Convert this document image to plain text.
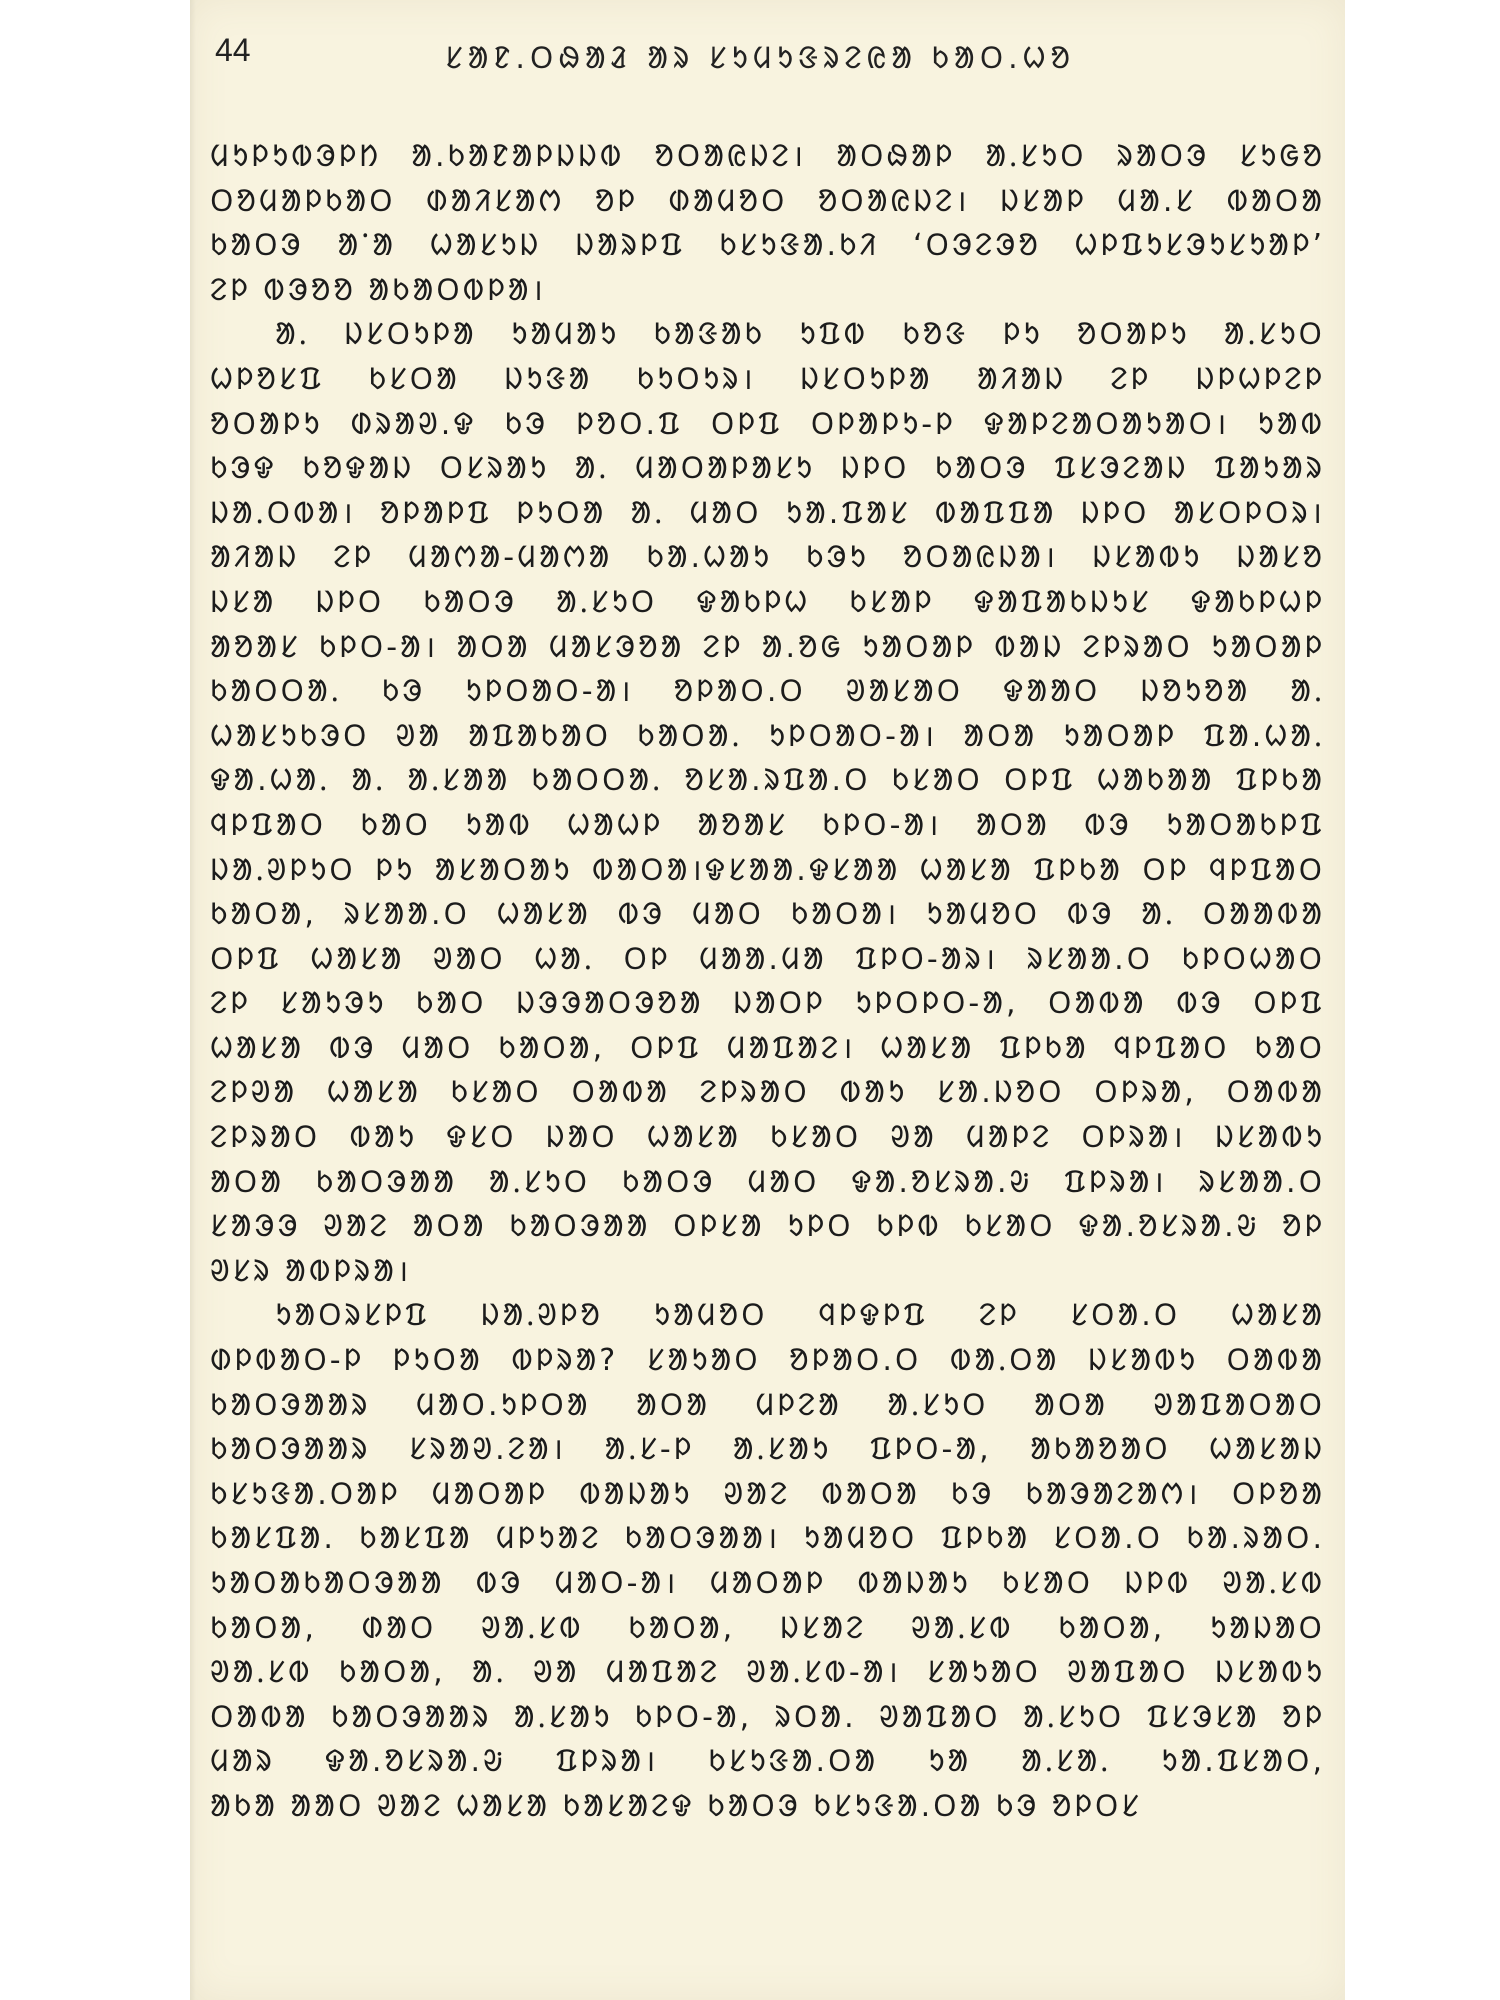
44	ᱥᱟᱱ.ᱛᱷᱟᱲ ᱟᱨ ᱥᱩᱢᱩᱝᱨᱮᱭᱟ ᱠᱟᱛ.ᱦᱚ
ᱢᱩᱞᱩᱵᱳᱞᱴ ᱟ.ᱠᱟᱱᱟᱞᱡᱡᱵ ᱚᱛᱟᱭᱡᱮ। ᱟᱛᱷᱟᱞ ᱟᱹᱥᱩᱛ ᱨᱟᱛᱳ ᱥᱩᱜᱚ
ᱛᱚᱢᱟᱞᱠᱟᱛ ᱰᱟᱤᱥᱟᱬ ᱚᱞ ᱰᱟᱢᱚᱛ ᱚᱛᱟᱭᱡᱮ। ᱡᱥᱟᱞ ᱢᱟ.ᱥ ᱵᱟᱛᱟ
ᱠᱟᱛᱳ ᱟᱸᱟ ᱦᱟᱥᱩᱡ ᱡᱟᱨᱞᱯ ᱠᱥᱩᱝᱟ.ᱠᱤ ‘ᱛᱳᱮᱳᱚ ᱦᱞᱯᱩᱥᱳᱩᱥᱩᱟᱞ’
ᱮᱞ ᱵᱳᱚᱚ ᱟᱠᱟᱛᱵᱞᱟ।
ᱟᱹ ᱡᱥᱛᱩᱞᱟ ᱩᱟᱢᱟᱩ ᱠᱟᱝᱟᱠ ᱩᱯᱵ ᱠᱚᱝ ᱞᱩ ᱚᱛᱟᱞᱩ ᱟᱹᱥᱩᱛ
ᱦᱞᱚᱥᱯ ᱠᱥᱛᱟ ᱡᱩᱝᱟ ᱠᱩᱛᱩᱨ। ᱡᱥᱛᱩᱞᱟ ᱟᱤᱟᱡ ᱮᱞ ᱡᱞᱦᱞᱮᱞ
ᱚᱛᱟᱞᱩ ᱰᱨᱟᱣ.ᱫ ᱠᱳ ᱞᱚᱛ.ᱯ ᱛᱞᱯ ᱛᱞᱟᱞᱩ-ᱞ ᱫᱟᱞᱮᱟᱛᱟᱩᱟᱛ। ᱩᱟᱵ
ᱠᱳᱫ ᱠᱚᱫᱟᱡ ᱛᱥᱨᱟᱩ ᱟᱹ ᱢᱟᱛᱟᱞᱟᱥᱩ ᱡᱞᱛ ᱠᱟᱛᱳ ᱯᱥᱳᱮᱟᱡ ᱯᱟᱩᱟᱨ
ᱡᱟᱹᱛᱵᱟ। ᱚᱞᱟᱞᱯ ᱞᱩᱛᱟ ᱟᱹ ᱢᱟᱛ ᱩᱟ.ᱯᱟᱥ ᱵᱟᱯᱯᱟ ᱡᱞᱛ ᱟᱥᱛᱞᱛᱨ।
ᱟᱤᱟᱡ ᱮᱞ ᱢᱟᱬᱟ-ᱢᱟᱬᱟ ᱠᱟ.ᱦᱟᱩ ᱠᱳᱩ ᱚᱛᱟᱭᱡᱟ। ᱡᱥᱟᱵᱩ ᱡᱟᱥᱚ
ᱡᱥᱟ ᱡᱞᱛ ᱠᱟᱛᱳ ᱟᱹᱥᱩᱛ ᱫᱟᱠᱞᱦ ᱠᱥᱟᱞ ᱫᱟᱯᱟᱠᱡᱩᱥ ᱫᱟᱠᱞᱦᱞ
ᱟᱚᱟᱥ ᱠᱞᱛ-ᱟ। ᱟᱛᱟ ᱢᱟᱥᱳᱚᱟ ᱮᱞ ᱟ.ᱚᱜ ᱩᱟᱛᱟᱞ ᱵᱟᱡ ᱮᱞᱨᱟᱛ ᱩᱟᱛᱟᱞ
ᱠᱟᱛᱛᱟᱹ ᱠᱳ ᱩᱞᱛᱟᱛ-ᱟ। ᱚᱞᱟᱛ.ᱛ ᱣᱟᱥᱟᱛ ᱫᱟᱟᱛ ᱡᱚᱩᱚᱟ ᱟᱹ
ᱦᱟᱥᱩᱠᱳᱛ ᱣᱟ ᱟᱯᱟᱠᱟᱛ ᱠᱟᱛᱟᱹ ᱩᱞᱛᱟᱛ-ᱟ। ᱟᱛᱟ ᱩᱟᱛᱟᱞ ᱯᱟ.ᱦᱟᱹ
ᱫᱟ.ᱦᱟᱹ ᱟᱹ ᱟᱹᱥᱟᱟ ᱠᱟᱛᱛᱟᱹ ᱚᱥᱟ.ᱨᱯᱟ.ᱛ ᱠᱥᱟᱛ ᱛᱞᱯ ᱦᱟᱠᱟᱟ ᱯᱞᱠᱟ
ᱧᱞᱯᱟᱛ ᱠᱟᱛ ᱩᱟᱵ ᱦᱟᱦᱞ ᱟᱚᱟᱥ ᱠᱞᱛ-ᱟ। ᱟᱛᱟ ᱵᱳ ᱩᱟᱛᱟᱠᱞᱯ
ᱡᱟᱹᱣᱞᱩᱛ ᱞᱩ ᱟᱥᱟᱛᱟᱩ ᱵᱟᱛᱟ।ᱫᱥᱟᱟ.ᱫᱥᱟᱟ ᱦᱟᱥᱟ ᱯᱞᱠᱟ ᱛᱞ ᱧᱞᱯᱟᱛ
ᱠᱟᱛᱟ, ᱨᱥᱟᱟ.ᱛ ᱦᱟᱥᱟ ᱵᱳ ᱢᱟᱛ ᱠᱟᱛᱟ। ᱩᱟᱢᱚᱛ ᱵᱳ ᱟᱹ ᱛᱟᱟᱵᱟ
ᱛᱞᱯ ᱦᱟᱥᱟ ᱣᱟᱛ ᱦᱟᱹ ᱛᱞ ᱢᱟᱟ.ᱢᱟ ᱯᱞᱛ-ᱟᱨ। ᱨᱥᱟᱟ.ᱛ ᱠᱞᱛᱦᱟᱛ
ᱮᱞ ᱥᱟᱩᱳᱩ ᱠᱟᱛ ᱡᱳᱳᱟᱛᱳᱚᱟ ᱡᱟᱛᱞ ᱩᱞᱛᱞᱛ-ᱟ, ᱛᱟᱵᱟ ᱵᱳ ᱛᱞᱯ
ᱦᱟᱥᱟ ᱵᱳ ᱢᱟᱛ ᱠᱟᱛᱟ, ᱛᱞᱯ ᱢᱟᱯᱟᱮ। ᱦᱟᱥᱟ ᱯᱞᱠᱟ ᱧᱞᱯᱟᱛ ᱠᱟᱛ
ᱮᱞᱣᱟ ᱦᱟᱥᱟ ᱠᱥᱟᱛ ᱛᱟᱵᱟ ᱮᱞᱨᱟᱛ ᱵᱟᱩ ᱥᱟ.ᱡᱚᱛ ᱛᱞᱨᱟ, ᱛᱟᱵᱟ
ᱮᱞᱨᱟᱛ ᱵᱟᱩ ᱫᱥᱛ ᱡᱟᱛ ᱦᱟᱥᱟ ᱠᱥᱟᱛ ᱣᱟ ᱢᱟᱞᱮ ᱛᱞᱨᱟ। ᱡᱥᱟᱵᱩ
ᱟᱛᱟ ᱠᱟᱛᱳᱟᱟ ᱟᱹᱥᱩᱛ ᱠᱟᱛᱳ ᱢᱟᱛ ᱫᱟ.ᱚᱥᱨᱟ.ᱶ ᱯᱞᱨᱟ। ᱨᱥᱟᱟ.ᱛ
ᱥᱟᱳᱳ ᱣᱟᱮ ᱟᱛᱟ ᱠᱟᱛᱳᱟᱟ ᱛᱞᱥᱟ ᱩᱞᱛ ᱠᱞᱵ ᱠᱥᱟᱛ ᱫᱟ.ᱚᱥᱨᱟ.ᱶ ᱚᱞ
ᱣᱥᱨ ᱟᱵᱞᱨᱟ।
ᱩᱟᱛᱨᱥᱞᱯ ᱡᱟᱹᱣᱞᱚ ᱩᱟᱢᱚᱛ ᱧᱞᱫᱞᱯ ᱮᱞ ᱥᱛᱟ.ᱛ ᱦᱟᱥᱟ
ᱰᱞᱵᱟᱛ-ᱞ ᱞᱩᱛᱟ ᱵᱞᱨᱟ? ᱥᱟᱩᱟᱛ ᱚᱞᱟᱛ.ᱛ ᱵᱟᱹᱛᱟ ᱡᱥᱟᱵᱩ ᱛᱟᱵᱟ
ᱠᱟᱛᱳᱟᱟᱨ ᱢᱟᱛ.ᱩᱞᱛᱟ ᱟᱛᱟ ᱢᱞᱮᱟ ᱟᱹᱥᱩᱛ ᱟᱛᱟ ᱣᱟᱯᱟᱛᱟᱛ
ᱠᱟᱛᱳᱟᱟᱨ ᱥᱨᱟᱣ.ᱮᱟ। ᱟᱹᱥ-ᱞ ᱟᱹᱥᱟᱩ ᱯᱞᱛ-ᱟ, ᱟᱠᱟᱚᱟᱛ ᱦᱟᱥᱟᱡ
ᱠᱥᱩᱝᱟ.ᱛᱟᱞ ᱢᱟᱛᱟᱞ ᱵᱟᱡᱟᱩ ᱣᱟᱮ ᱵᱟᱛᱟ ᱠᱳ ᱠᱟᱳᱟᱮᱟᱬ। ᱛᱞᱚᱟ
ᱠᱟᱥᱯᱟ. ᱠᱟᱥᱯᱟ ᱢᱞᱩᱟᱮ ᱠᱟᱛᱳᱟᱟ। ᱩᱟᱢᱚᱛ ᱯᱞᱠᱟ ᱥᱛᱟ.ᱛ ᱠᱟ.ᱨᱟᱛ.
ᱩᱟᱛᱟᱠᱟᱛᱳᱟᱟ ᱵᱳ ᱢᱟᱛ-ᱟ। ᱢᱟᱛᱟᱞ ᱵᱟᱡᱟᱩ ᱠᱥᱟᱛ ᱡᱞᱵ ᱣᱟᱹᱥᱵ
ᱠᱟᱛᱟ, ᱰᱟᱛ ᱣᱟᱹᱥᱵ ᱠᱟᱛᱟ, ᱡᱥᱟᱮ ᱣᱟᱹᱥᱵ ᱠᱟᱛᱟ, ᱩᱟᱡᱟᱛ
ᱣᱟᱹᱥᱵ ᱠᱟᱛᱟ, ᱟᱹ ᱣᱟ ᱢᱟᱯᱟᱮ ᱣᱟᱹᱥᱵ-ᱟ। ᱥᱟᱩᱟᱛ ᱣᱟᱯᱟᱛ ᱡᱥᱟᱵᱩ
ᱛᱟᱵᱟ ᱠᱟᱛᱳᱟᱟᱨ ᱟᱹᱥᱟᱩ ᱠᱞᱛ-ᱟ, ᱨᱛᱟ. ᱣᱟᱯᱟᱛ ᱟᱹᱥᱩᱛ ᱯᱥᱳᱥᱟ ᱚᱞ
ᱢᱟᱨ ᱫᱟ.ᱚᱥᱨᱟ.ᱶ ᱯᱞᱨᱟ। ᱠᱥᱩᱝᱟ.ᱛᱟ ᱩᱟ ᱟᱹᱥᱟᱹ ᱩᱟ.ᱯᱥᱟᱛ,
ᱟᱠᱟ ᱟᱟᱛ ᱣᱟᱮ ᱦᱟᱥᱟ ᱠᱟᱥᱟᱮᱫ ᱠᱟᱛᱳ ᱠᱥᱩᱝᱟ.ᱛᱟ ᱠᱳ ᱚᱞᱛᱥ
